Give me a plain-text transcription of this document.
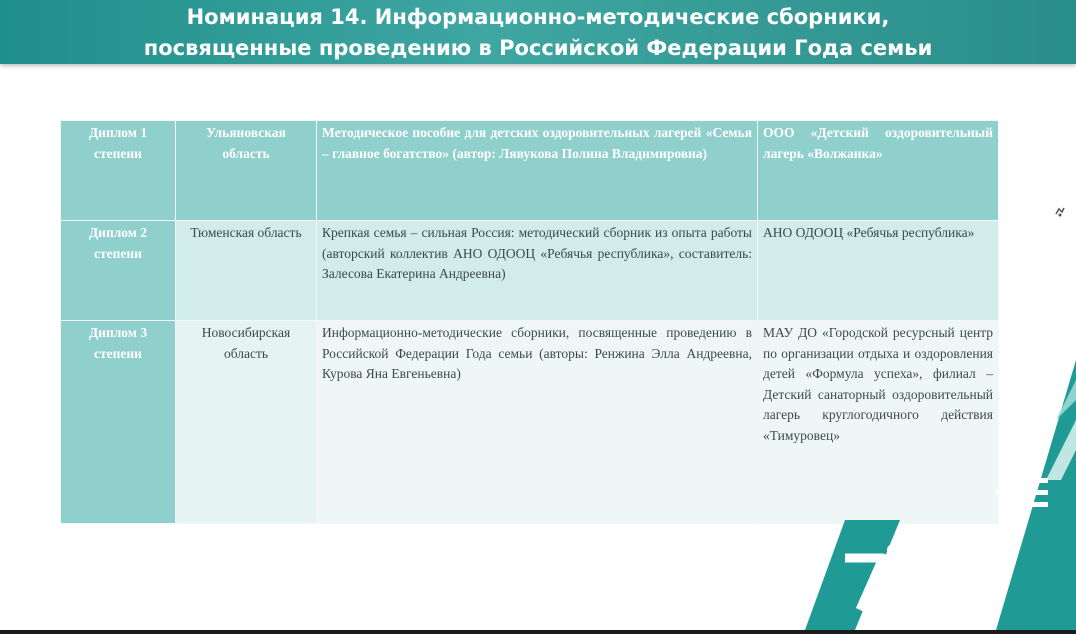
Номинация 14. Информационно-методические сборники,
посвященные проведению в Российской Федерации Года семьи
Диплом 1 степени	Ульяновская область	Методическое пособие для детских оздоровительных лагерей «Семья – главное богатство» (автор: Лявукова Полина Владимировна)	ООО «Детский оздоровительный лагерь «Волжанка»
Диплом 2 степени	Тюменская область	Крепкая семья – сильная Россия: методический сборник из опыта работы (авторский коллектив АНО ОДООЦ «Ребячья республика», составитель: Залесова Екатерина Андреевна)	АНО ОДООЦ «Ребячья республика»
Диплом 3 степени	Новосибирская область	Информационно-методические сборники, посвященные проведению в Российской Федерации Года семьи (авторы: Ренжина Элла Андреевна, Курова Яна Евгеньевна)	МАУ ДО «Городской ресурсный центр по организации отдыха и оздоровления детей «Формула успеха», филиал – Детский санаторный оздоровительный лагерь круглогодичного действия «Тимуровец»
